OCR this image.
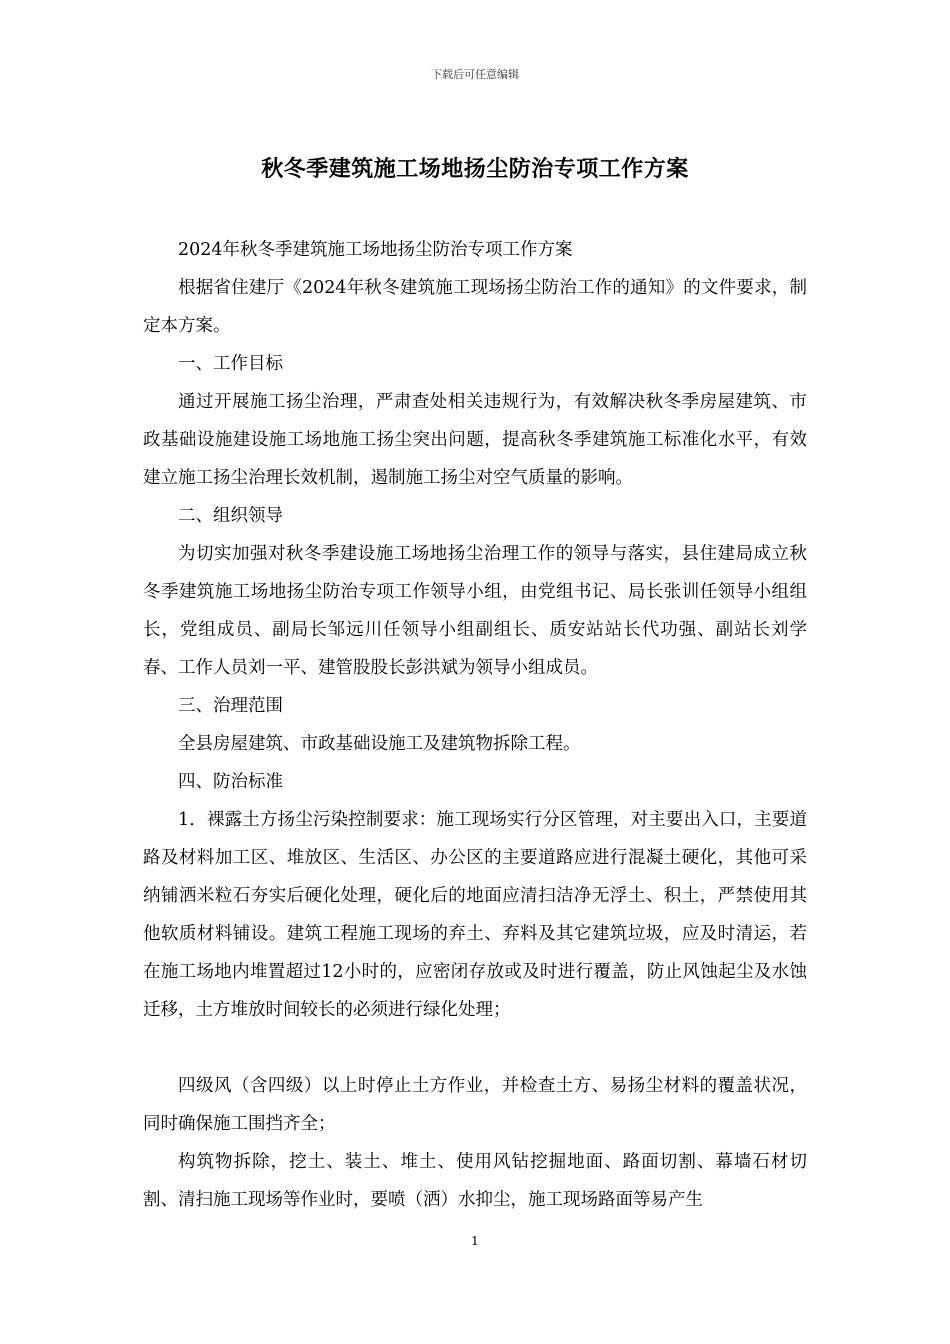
下载后可任意编辑
秋冬季建筑施工场地扬尘防治专项工作方案

2024年秋冬季建筑施工场地扬尘防治专项工作方案

根据省住建厅《2024年秋冬建筑施工现场扬尘防治工作的通知》的文件要求，制定本方案。

一、工作目标

通过开展施工扬尘治理，严肃查处相关违规行为，有效解决秋冬季房屋建筑、市政基础设施建设施工场地施工扬尘突出问题，提高秋冬季建筑施工标准化水平，有效建立施工扬尘治理长效机制，遏制施工扬尘对空气质量的影响。

二、组织领导

为切实加强对秋冬季建设施工场地扬尘治理工作的领导与落实，县住建局成立秋冬季建筑施工场地扬尘防治专项工作领导小组，由党组书记、局长张训任领导小组组长，党组成员、副局长邹远川任领导小组副组长、质安站站长代功强、副站长刘学春、工作人员刘一平、建管股股长彭洪斌为领导小组成员。

三、治理范围

全县房屋建筑、市政基础设施工及建筑物拆除工程。

四、防治标准

1．裸露土方扬尘污染控制要求：施工现场实行分区管理，对主要出入口，主要道路及材料加工区、堆放区、生活区、办公区的主要道路应进行混凝土硬化，其他可采纳铺洒米粒石夯实后硬化处理，硬化后的地面应清扫洁净无浮土、积土，严禁使用其他软质材料铺设。建筑工程施工现场的弃土、弃料及其它建筑垃圾，应及时清运，若在施工场地内堆置超过12小时的，应密闭存放或及时进行覆盖，防止风蚀起尘及水蚀迁移，土方堆放时间较长的必须进行绿化处理；

四级风（含四级）以上时停止土方作业，并检查土方、易扬尘材料的覆盖状况，同时确保施工围挡齐全；

构筑物拆除，挖土、装土、堆土、使用风钻挖掘地面、路面切割、幕墙石材切割、清扫施工现场等作业时，要喷（洒）水抑尘，施工现场路面等易产生

1
